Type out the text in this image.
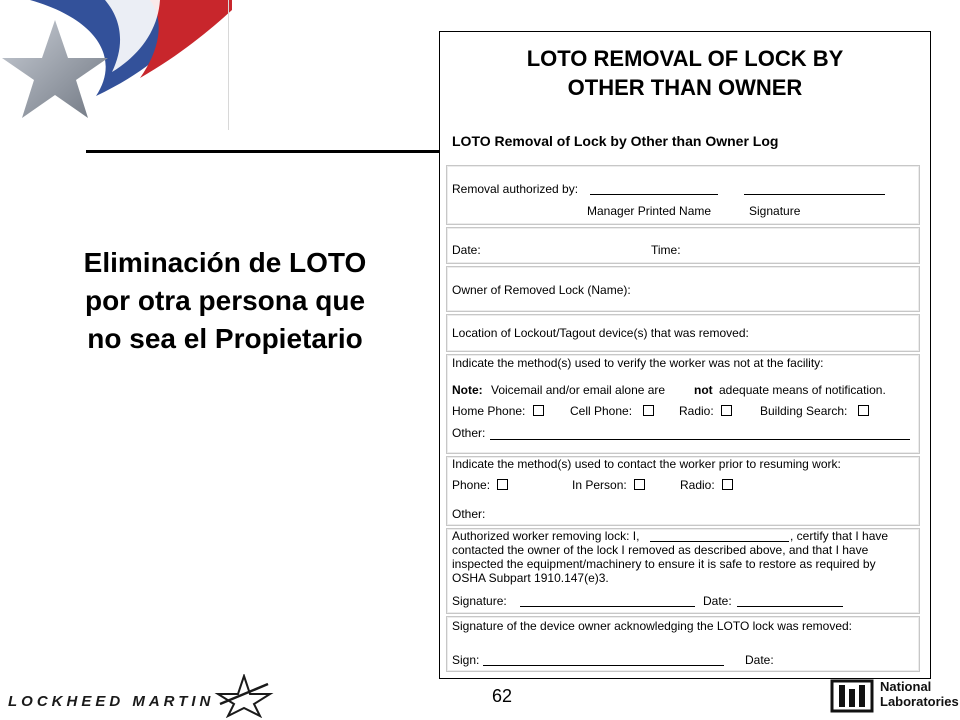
Eliminación de LOTO por otra persona que no sea el Propietario
LOTO REMOVAL OF LOCK BY
OTHER THAN OWNER
LOTO Removal of Lock by Other than Owner Log
Removal authorized by:
Manager Printed Name	Signature
Date:	Time:
Owner of Removed Lock (Name):
Location of Lockout/Tagout device(s) that was removed:
Indicate the method(s) used to verify the worker was not at the facility:
Note: Voicemail and/or email alone are not adequate means of notification.
Home Phone:	Cell Phone:	Radio:	Building Search:
Other:
Indicate the method(s) used to contact the worker prior to resuming work:
Phone:	In Person:	Radio:
Other:
Authorized worker removing lock: I,	, certify that I have
contacted the owner of the lock I removed as described above, and that I have
inspected the equipment/machinery to ensure it is safe to restore as required by
OSHA Subpart 1910.147(e)3.
Signature:	Date:
Signature of the device owner acknowledging the LOTO lock was removed:
Sign:	Date:
62
LOCKHEED MARTIN
National
Laboratories
